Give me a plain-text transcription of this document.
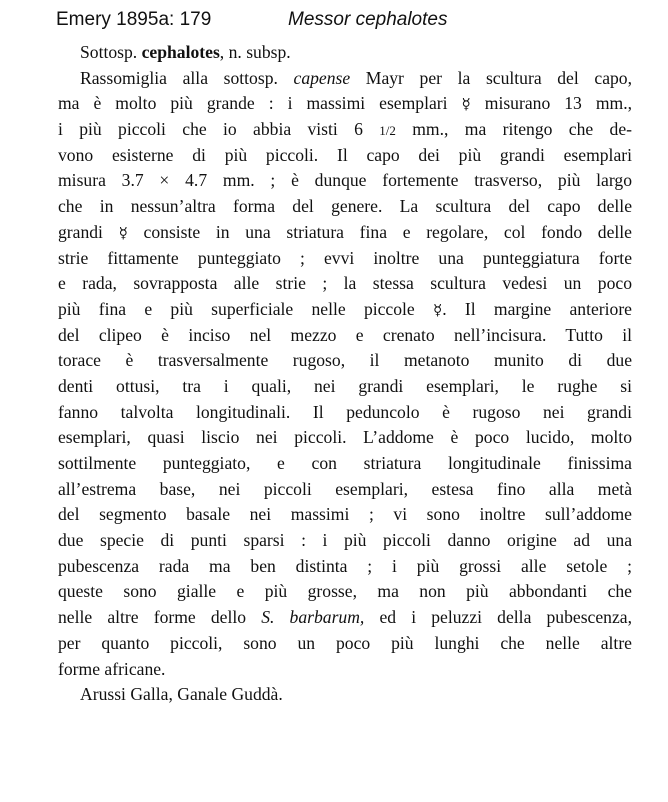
Emery 1895a: 179	Messor cephalotes
Sottosp. cephalotes, n. subsp.
Rassomiglia alla sottosp. capense Mayr per la scultura del capo,
ma è molto più grande : i massimi esemplari ☿ misurano 13 mm.,
i più piccoli che io abbia visti 6 1/2 mm., ma ritengo che de-
vono esisterne di più piccoli. Il capo dei più grandi esemplari
misura 3.7 × 4.7 mm. ; è dunque fortemente trasverso, più largo
che in nessun’altra forma del genere. La scultura del capo delle
grandi ☿ consiste in una striatura fina e regolare, col fondo delle
strie fittamente punteggiato ; evvi inoltre una punteggiatura forte
e rada, sovrapposta alle strie ; la stessa scultura vedesi un poco
più fina e più superficiale nelle piccole ☿. Il margine anteriore
del clipeo è inciso nel mezzo e crenato nell’incisura. Tutto il
torace è trasversalmente rugoso, il metanoto munito di due
denti ottusi, tra i quali, nei grandi esemplari, le rughe si
fanno talvolta longitudinali. Il peduncolo è rugoso nei grandi
esemplari, quasi liscio nei piccoli. L’addome è poco lucido, molto
sottilmente punteggiato, e con striatura longitudinale finissima
all’estrema base, nei piccoli esemplari, estesa fino alla metà
del segmento basale nei massimi ; vi sono inoltre sull’addome
due specie di punti sparsi : i più piccoli danno origine ad una
pubescenza rada ma ben distinta ; i più grossi alle setole ;
queste sono gialle e più grosse, ma non più abbondanti che
nelle altre forme dello S. barbarum, ed i peluzzi della pubescenza,
per quanto piccoli, sono un poco più lunghi che nelle altre
forme africane.
Arussi Galla, Ganale Guddà.
